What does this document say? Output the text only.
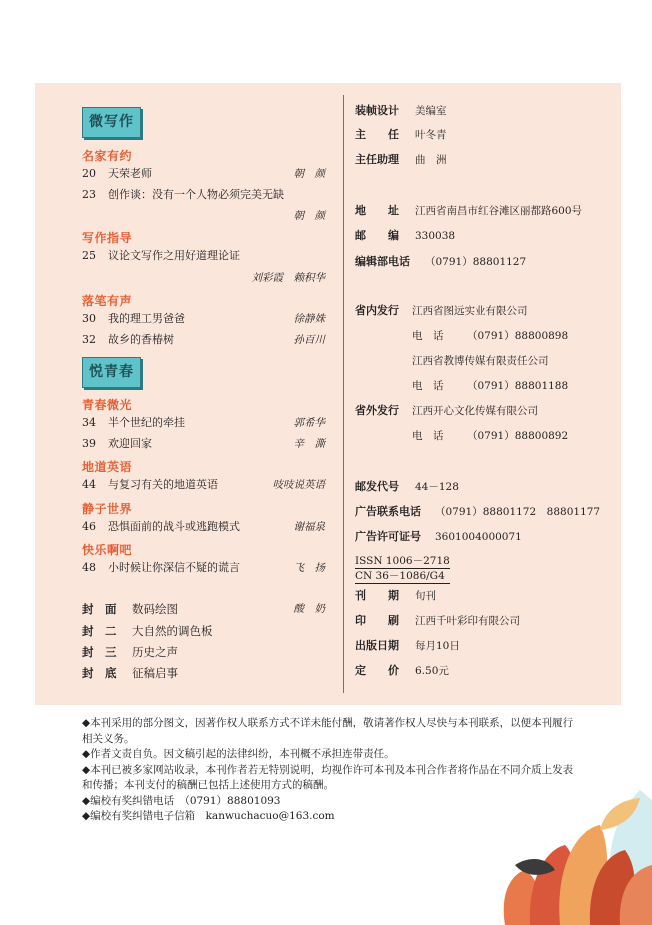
微写作
名家有约
20	天荣老师	朝　颜
23	创作谈：没有一个人物必须完美无缺
朝　颜
写作指导
25	议论文写作之用好道理论证
刘彩霞　赖积华
落笔有声
30	我的理工男爸爸	徐静姝
32	故乡的香椿树	孙百川
悦青春
青春微光
34	半个世纪的牵挂	郭希华
39	欢迎回家	辛　澌
地道英语
44	与复习有关的地道英语	吱吱说英语
静子世界
46	恐惧面前的战斗或逃跑模式	谢福泉
快乐啊吧
48	小时候让你深信不疑的谎言	飞　扬
封　面 数码绘图	酸　奶
封　二 大自然的调色板
封　三 历史之声
封　底 征稿启事
装帧设计 美编室
主　　任 叶冬青
主任助理 曲　洲
地　　址 江西省南昌市红谷滩区丽都路600号
邮　　编 330038
编辑部电话 （0791）88801127
省内发行 江西省图远实业有限公司
电　话 （0791）88800898
江西省教博传媒有限责任公司
电　话 （0791）88801188
省外发行 江西开心文化传媒有限公司
电　话 （0791）88800892
邮发代号 44－128
广告联系电话 （0791）88801172　88801177
广告许可证号 3601004000071
ISSN 1006－2718
CN 36－1086/G4
刊　　期 旬刊
印　　刷 江西千叶彩印有限公司
出版日期 每月10日
定　　价 6.50元
◆本刊采用的部分图文，因著作权人联系方式不详未能付酬，敬请著作权人尽快与本刊联系，以便本刊履行相关义务。
◆作者文责自负。因文稿引起的法律纠纷，本刊概不承担连带责任。
◆本刊已被多家网站收录，本刊作者若无特别说明，均视作许可本刊及本刊合作者将作品在不同介质上发表和传播；本刊支付的稿酬已包括上述使用方式的稿酬。
◆编校有奖纠错电话　（0791）88801093
◆编校有奖纠错电子信箱　kanwuchacuo@163.com
